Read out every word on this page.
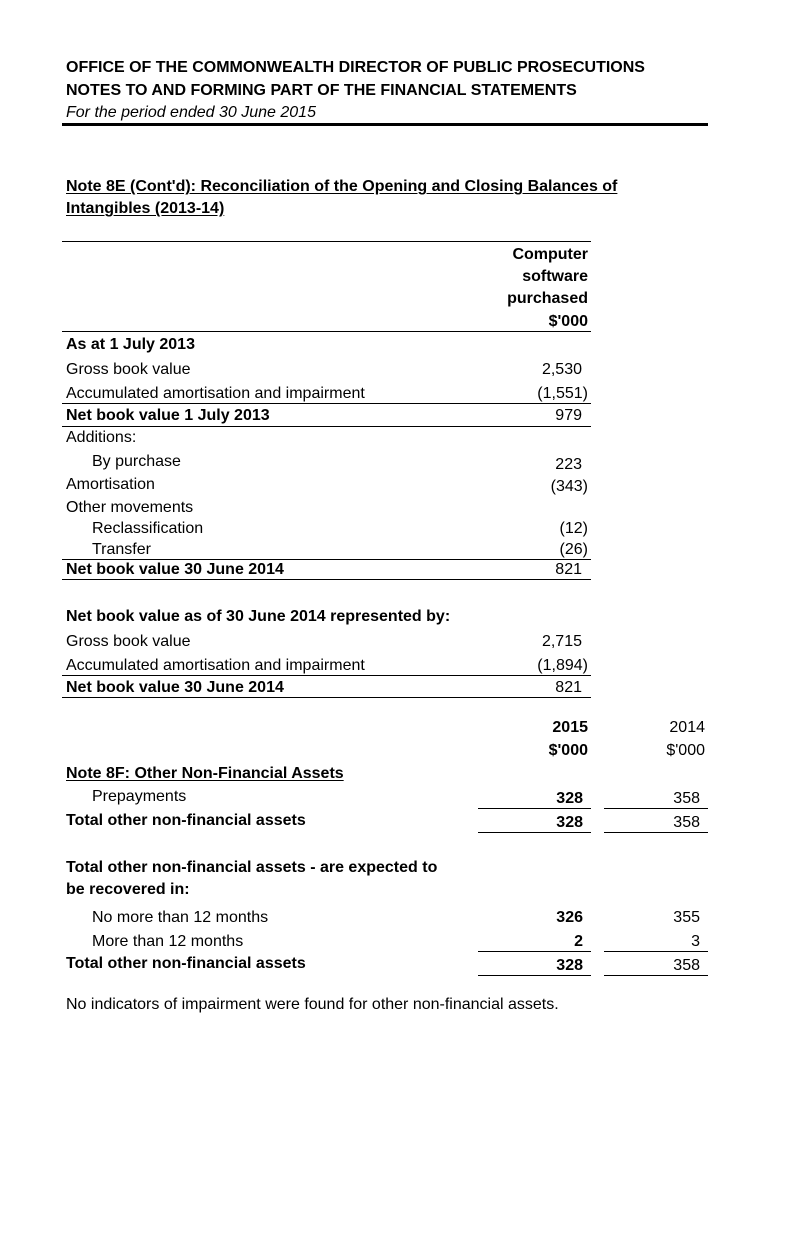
OFFICE OF THE COMMONWEALTH DIRECTOR OF PUBLIC PROSECUTIONS
NOTES TO AND FORMING PART OF THE FINANCIAL STATEMENTS
For the period ended 30 June 2015
Note 8E (Cont'd): Reconciliation of the Opening and Closing Balances of
Intangibles (2013-14)
Computer
software
purchased
$'000
As at 1 July 2013
Gross book value	2,530
Accumulated amortisation and impairment	(1,551)
Net book value 1 July 2013	979
Additions:
By purchase	223
Amortisation	(343)
Other movements
Reclassification	(12)
Transfer	(26)
Net book value 30 June 2014	821
Net book value as of 30 June 2014 represented by:
Gross book value	2,715
Accumulated amortisation and impairment	(1,894)
Net book value 30 June 2014	821
2015	2014
$'000	$'000
Note 8F: Other Non-Financial Assets
Prepayments	328	358
Total other non-financial assets	328	358
Total other non-financial assets - are expected to
be recovered in:
No more than 12 months	326	355
More than 12 months	2	3
Total other non-financial assets	328	358
No indicators of impairment were found for other non-financial assets.
